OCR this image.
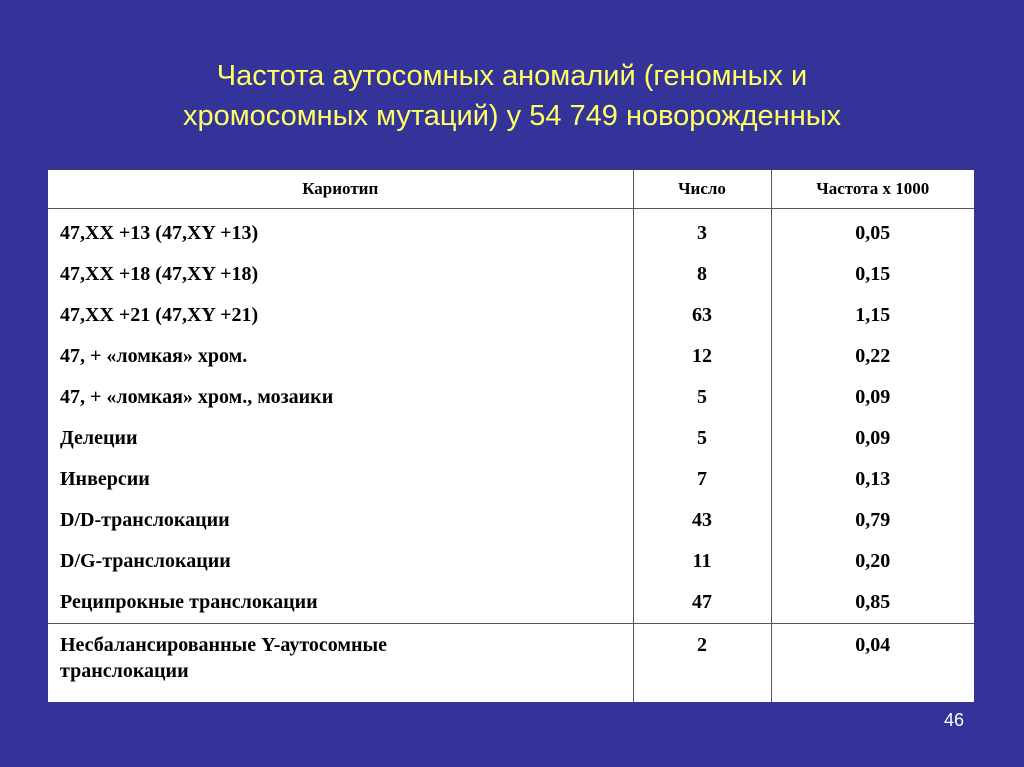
Частота аутосомных аномалий (геномных и
хромосомных мутаций) у 54 749 новорожденных
Кариотип	Число	Частота х 1000
47,ХХ +13 (47,ХY +13)	3	0,05
47,ХХ +18 (47,ХY +18)	8	0,15
47,ХХ +21 (47,ХY +21)	63	1,15
47, + «ломкая» хром.	12	0,22
47, + «ломкая» хром., мозаики	5	0,09
Делеции	5	0,09
Инверсии	7	0,13
D/D-транслокации	43	0,79
D/G-транслокации	11	0,20
Реципрокные транслокации	47	0,85
Несбалансированные Y-аутосомные
транслокации	2	0,04
46
